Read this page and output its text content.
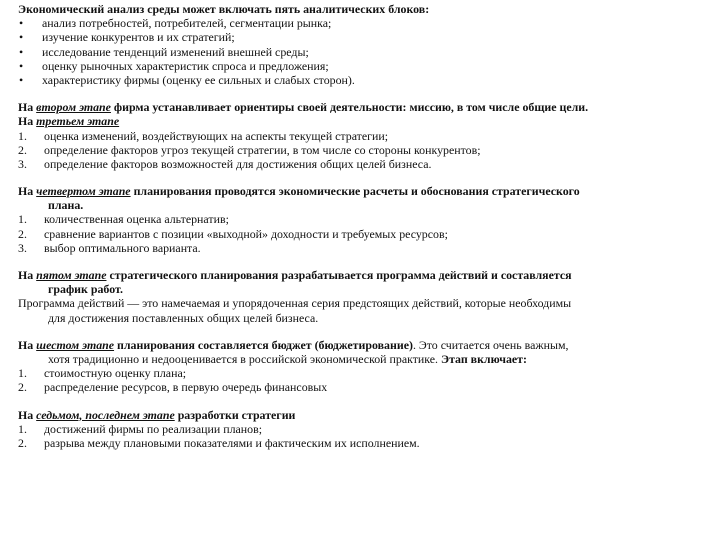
Экономический анализ среды может включать пять аналитических блоков:
• анализ потребностей, потребителей, сегментации рынка;
• изучение конкурентов и их стратегий;
• исследование тенденций изменений внешней среды;
• оценку рыночных характеристик спроса и предложения;
• характеристику фирмы (оценку ее сильных и слабых сторон).
На втором этапе фирма устанавливает ориентиры своей деятельности: миссию, в том числе общие цели.
На третьем этапе
1. оценка изменений, воздействующих на аспекты текущей стратегии;
2. определение факторов угроз текущей стратегии, в том числе со стороны конкурентов;
3. определение факторов возможностей для достижения общих целей бизнеса.
На четвертом этапе планирования проводятся экономические расчеты и обоснования стратегического
плана.
1. количественная оценка альтернатив;
2. сравнение вариантов с позиции «выходной» доходности и требуемых ресурсов;
3. выбор оптимального варианта.
На пятом этапе стратегического планирования разрабатывается программа действий и составляется
график работ.
Программа действий — это намечаемая и упорядоченная серия предстоящих действий, которые необходимы
для достижения поставленных общих целей бизнеса.
На шестом этапе планирования составляется бюджет (бюджетирование). Это считается очень важным,
хотя традиционно и недооценивается в российской экономической практике. Этап включает:
1. стоимостную оценку плана;
2. распределение ресурсов, в первую очередь финансовых
На седьмом, последнем этапе разработки стратегии
1. достижений фирмы по реализации планов;
2. разрыва между плановыми показателями и фактическим их исполнением.
